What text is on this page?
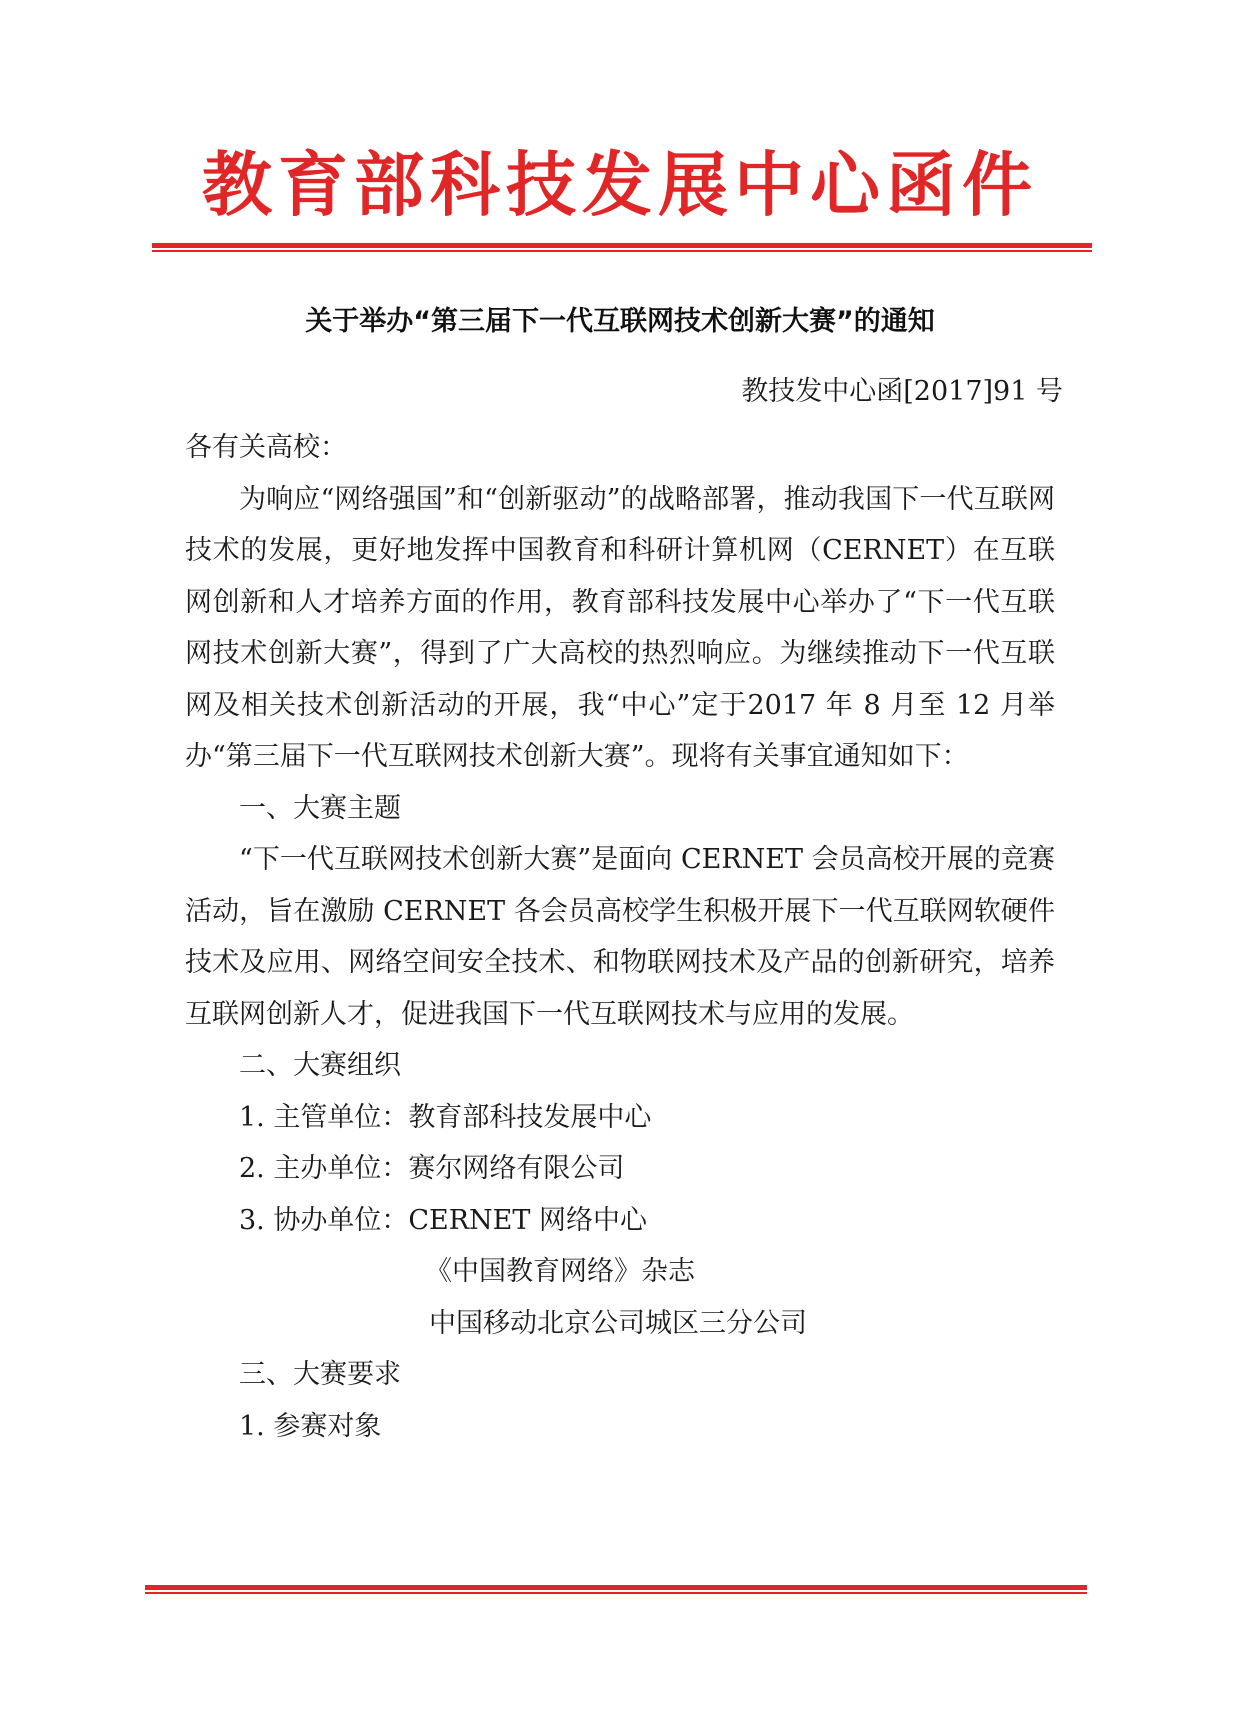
教育部科技发展中心函件
关于举办“第三届下一代互联网技术创新大赛”的通知
教技发中心函[2017]91 号

各有关高校：

为响应“网络强国”和“创新驱动”的战略部署，推动我国下一代互联网技术的发展，更好地发挥中国教育和科研计算机网（CERNET）在互联网创新和人才培养方面的作用，教育部科技发展中心举办了“下一代互联网技术创新大赛”，得到了广大高校的热烈响应。为继续推动下一代互联网及相关技术创新活动的开展，我“中心”定于2017 年 8 月至 12 月举办“第三届下一代互联网技术创新大赛”。现将有关事宜通知如下：

一、大赛主题

“下一代互联网技术创新大赛”是面向 CERNET 会员高校开展的竞赛活动，旨在激励 CERNET 各会员高校学生积极开展下一代互联网软硬件技术及应用、网络空间安全技术、和物联网技术及产品的创新研究，培养互联网创新人才，促进我国下一代互联网技术与应用的发展。

二、大赛组织

1. 主管单位：教育部科技发展中心

2. 主办单位：赛尔网络有限公司

3. 协办单位：CERNET 网络中心

《中国教育网络》杂志

中国移动北京公司城区三分公司

三、大赛要求

1. 参赛对象
